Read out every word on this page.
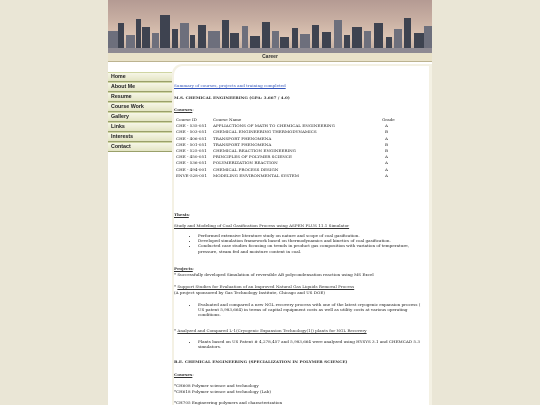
Career
Home
About Me
Resume
Course Work
Gallery
Links
Interests
Contact
Summary of courses, projects and training completed
M.S. CHEMICAL ENGINEERING (GPA: 3.667 / 4.0)
Courses:
Course ID	Course Name	Grade
CHE - 535-051	APPLIACTIONS OF MATH TO CHEMICAL ENGINEERING	A
CHE - 503-051	CHEMICAL ENGINEERING THERMODYNAMICS	B
CHE - 406-051	TRANSPORT PHENOMENA	A
CHE - 501-051	TRANSPORT PHENOMENA	B
CHE - 525-051	CHEMICAL REACTION ENGINEERING	B
CHE - 450-051	PRINCIPLES OF POLYMER SCIENCE	A
CHE - 536-051	POLYMERIZATION REACTION	A
CHE - 494-001	CHEMICAL PROCESS DESIGN	A
ENVE-528-051	MODELING ENVIRONMENTAL SYSTEM	A
Thesis:
Study and Modeling of Coal Gasification Process using ASPEN PLUS 11.1 Simulator
• Performed extensive literature study on nature and scope of coal gasification.
• Developed simulation framework based on thermodynamics and kinetics of coal gasification.
• Conducted case studies focusing on trends in product gas composition with variation of temperature, pressure, steam fed and moisture content in coal.
Projects:
* Successfully developed Simulation of reversible AB polycondensation reaction using MS Excel
* Support Studies for Evaluation of an Improved Natural Gas Liquids Removal Process
(A project sponsored by Gas Technology Institute, Chicago and US DOE)
• Evaluated and compared a new NGL recovery process with one of the latest cryogenic expansion process ( US patent 5,983,664) in terms of capital equipment costs as well as utility costs at various operating conditions.
* Analyzed and Compared L-1(Cryogenic Expansion Technology(1)) plants for NGL Recovery
• Plants based on US Patent # 4,278,457 and 5,983,664 were analyzed using HYSYS 3.1 and CHEMCAD 5.3 simulators.
B.E. CHEMICAL ENGINEERING (SPECIALIZATION IN POLYMER SCIENCE)
Courses:
*CH608 Polymer science and technology
*CH618 Polymer science and technology (Lab)
*CH705 Engineering polymers and characterization
